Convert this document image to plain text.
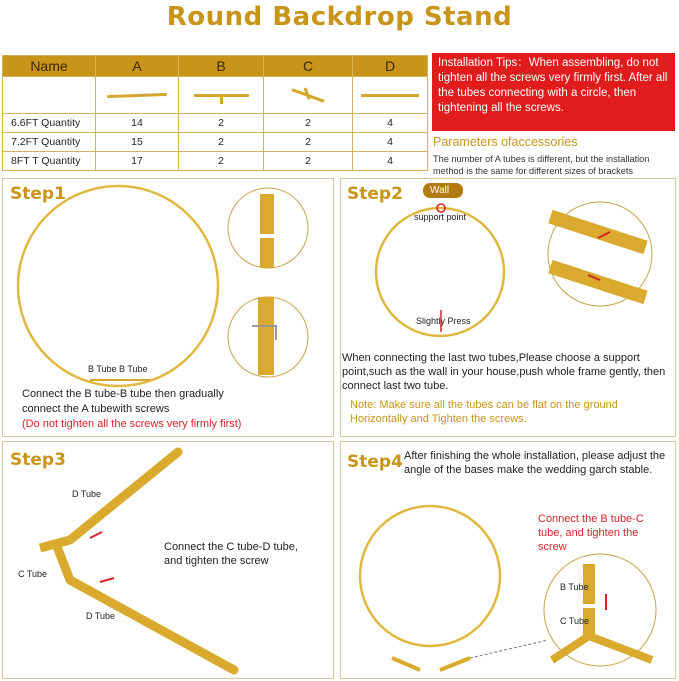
Round Backdrop Stand
Name	A	B	C	D

6.6FT Quantity	14	2	2	4
7.2FT Quantity	15	2	2	4
8FT T Quantity	17	2	2	4
Installation Tips：When assembling, do not tighten all the screws very firmly first. After all the tubes connecting with a circle, then tightening all the screws.
Parameters ofaccessories
The number of A tubes is different, but the installation method is the same for different sizes of brackets
Step1
B Tube B Tube
Connect the B tube-B tube then gradually
connect the A tubewith screws
(Do not tighten all the screws very firmly first)
Step2	Wall
support point
Slightly Press
When connecting the last two tubes,Please choose a support point,such as the wall in your house,push whole frame gently, then connect last two tube.
Note: Make sure all the tubes can be flat on the ground Horizontally and Tighten the screws.
Step3
D Tube
C Tube
D Tube
Connect the C tube-D tube, and tighten the screw
Step4 After finishing the whole installation, please adjust the angle of the bases make the wedding garch stable.
Connect the B tube-C tube, and tighten the screw
B Tube
C Tube
